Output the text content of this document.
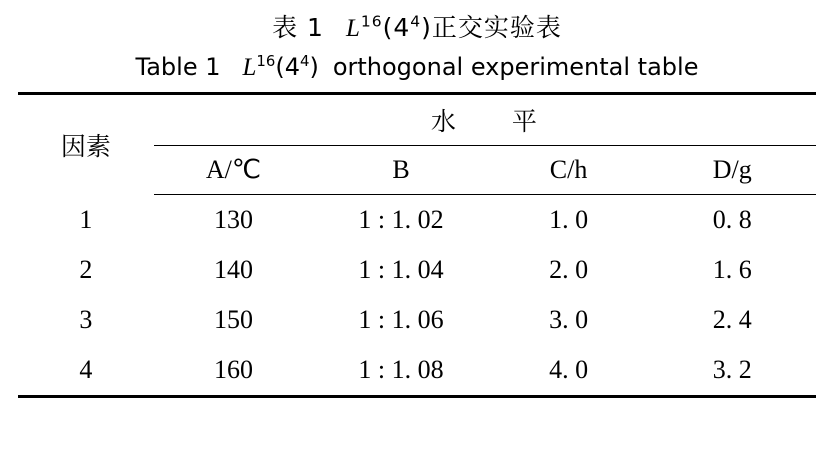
表 1 $L^{16}(4^4)$正交实验表
Table 1 $L^{16}(4^4)$ orthogonal experimental table
因素	水　　平			
	A/℃	B	C/h	D/g
1	130	1 : 1. 02	1. 0	0. 8
2	140	1 : 1. 04	2. 0	1. 6
3	150	1 : 1. 06	3. 0	2. 4
4	160	1 : 1. 08	4. 0	3. 2
